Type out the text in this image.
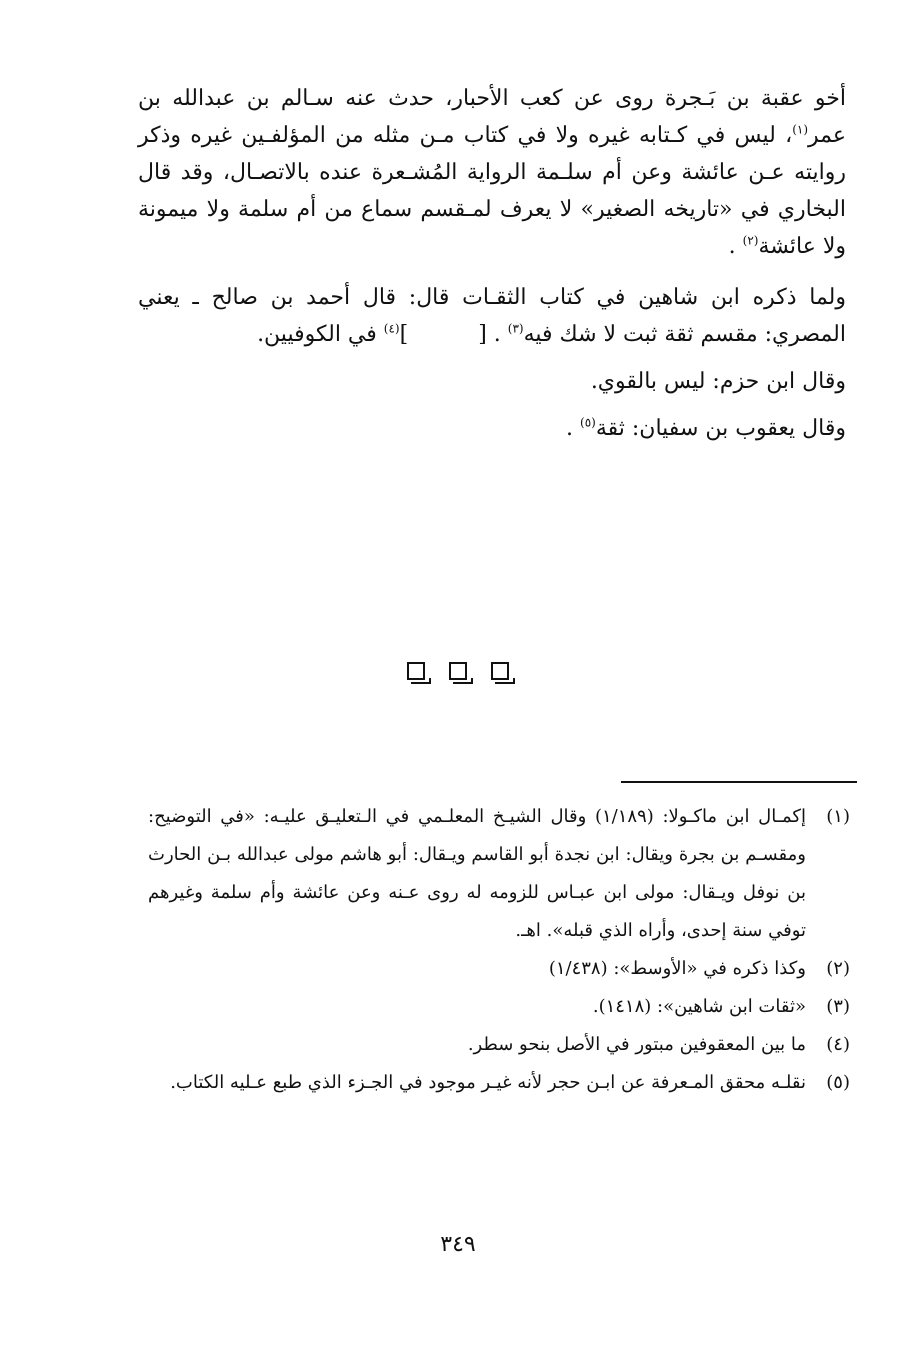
أخو عقبة بن بَـجرة روى عن كعب الأحبار، حدث عنه سـالم بن عبدالله بن عمر$^{(١)}$، ليس في كـتابه غيره ولا في كتاب مـن مثله من المؤلفـين غيره وذكر روايته عـن عائشة وعن أم سلـمة الرواية المُشـعرة عنده بالاتصـال، وقد قال البخاري في «تاريخه الصغير» لا يعرف لمـقسم سماع من أم سلمة ولا ميمونة ولا عائشة$^{(٢)}$ .

ولما ذكره ابن شاهين في كتاب الثقـات قال: قال أحمد بن صالح ـ يعني المصري: مقسم ثقة ثبت لا شك فيه$^{(٣)}$ . []$^{(٤)}$ في الكوفيين.

وقال ابن حزم: ليس بالقوي.

وقال يعقوب بن سفيان: ثقة$^{(٥)}$ .

(١)
إكمـال ابن ماكـولا: (١/١٨٩) وقال الشيـخ المعلـمي في الـتعليـق عليـه: «في التوضيح: ومقسـم بن بجرة ويقال: ابن نجدة أبو القاسم ويـقال: أبو هاشم مولى عبدالله بـن الحارث بن نوفل ويـقال: مولى ابن عبـاس للزومه له روى عـنه وعن عائشة وأم سلمة وغيرهم توفي سنة إحدى، وأراه الذي قبله». اهـ.
(٢)
وكذا ذكره في «الأوسط»: (١/٤٣٨)
(٣)
«ثقات ابن شاهين»: (١٤١٨).
(٤)
ما بين المعقوفين مبتور في الأصل بنحو سطر.
(٥)
نقلـه محقق المـعرفة عن ابـن حجر لأنه غيـر موجود في الجـزء الذي طبع عـليه الكتاب.
٣٤٩
